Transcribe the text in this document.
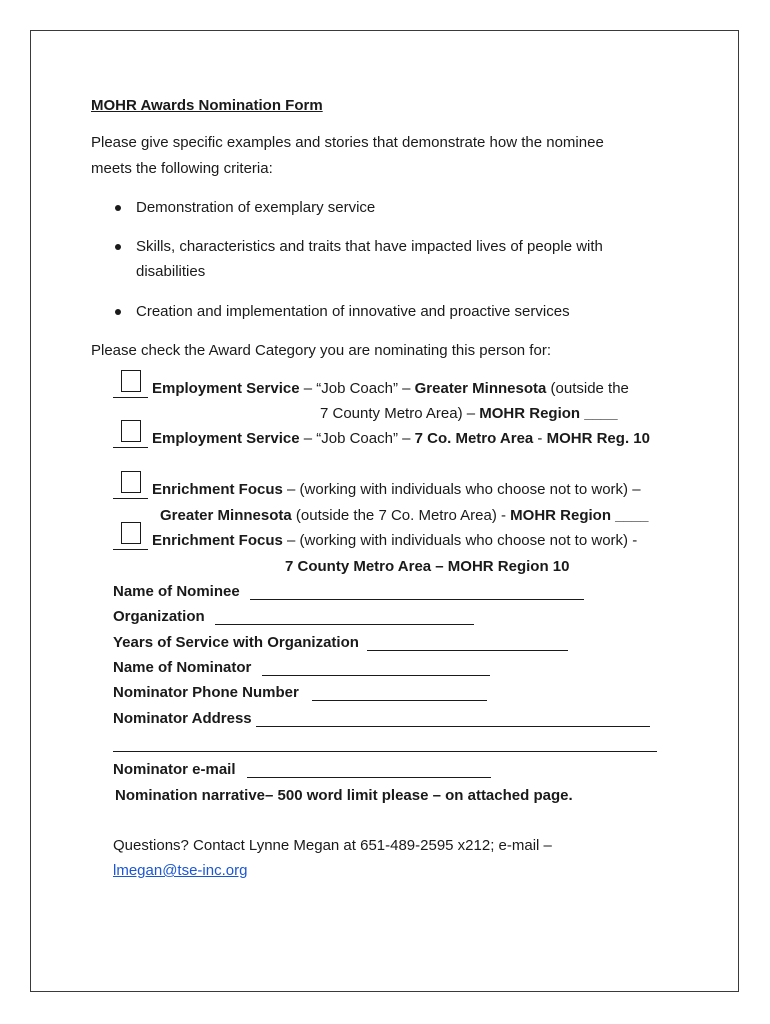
MOHR Awards Nomination Form
Please give specific examples and stories that demonstrate how the nominee
meets the following criteria:
Demonstration of exemplary service
Skills, characteristics and traits that have impacted lives of people with
disabilities
Creation and implementation of innovative and proactive services
Please check the Award Category you are nominating this person for:
Employment Service – “Job Coach” – Greater Minnesota (outside the
7 County Metro Area) – MOHR Region ____
Employment Service – “Job Coach” – 7 Co. Metro Area - MOHR Reg. 10
Enrichment Focus – (working with individuals who choose not to work) –
Greater Minnesota (outside the 7 Co. Metro Area) - MOHR Region ____
Enrichment Focus – (working with individuals who choose not to work) -
7 County Metro Area – MOHR Region 10
Name of Nominee
Organization
Years of Service with Organization
Name of Nominator
Nominator Phone Number
Nominator Address
Nominator e-mail
Nomination narrative– 500 word limit please – on attached page.
Questions? Contact Lynne Megan at 651-489-2595 x212; e-mail –
lmegan@tse-inc.org
